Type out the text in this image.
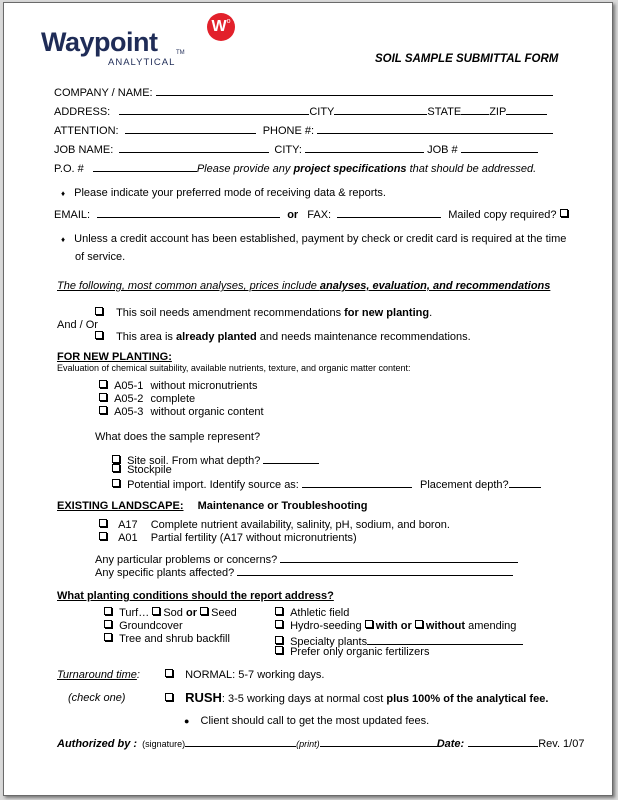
Waypoint	TM
ANALYTICAL
$W^o$
SOIL SAMPLE SUBMITTAL FORM
COMPANY / NAME:
ADDRESS:	CITY	STATE	ZIP
ATTENTION:	PHONE #:
JOB NAME:	CITY:	JOB #
P.O. #	Please provide any project specifications that should be addressed.
♦ Please indicate your preferred mode of receiving data & reports.
EMAIL:	or FAX:	Mailed copy required?
♦ Unless a credit account has been established, payment by check or credit card is required at the time
of service.
The following, most common analyses, prices include analyses, evaluation, and recommendations
This soil needs amendment recommendations for new planting.
And / Or
This area is already planted and needs maintenance recommendations.
FOR NEW PLANTING:
Evaluation of chemical suitability, available nutrients, texture, and organic matter content:
A05-1 without micronutrients
A05-2 complete
A05-3 without organic content
What does the sample represent?
Site soil. From what depth?
Stockpile
Potential import. Identify source as:	Placement depth?
EXISTING LANDSCAPE: Maintenance or Troubleshooting
A17 Complete nutrient availability, salinity, pH, sodium, and boron.
A01 Partial fertility (A17 without micronutrients)
Any particular problems or concerns?
Any specific plants affected?
What planting conditions should the report address?
Turf… Sod or Seed
Groundcover
Tree and shrub backfill
Athletic field
Hydro-seeding with or without amending
Specialty plants
Prefer only organic fertilizers
Turnaround time:	NORMAL: 5-7 working days.
(check one)	RUSH: 3-5 working days at normal cost plus 100% of the analytical fee.
● Client should call to get the most updated fees.
Authorized by : (signature)	(print)	Date:	Rev. 1/07
